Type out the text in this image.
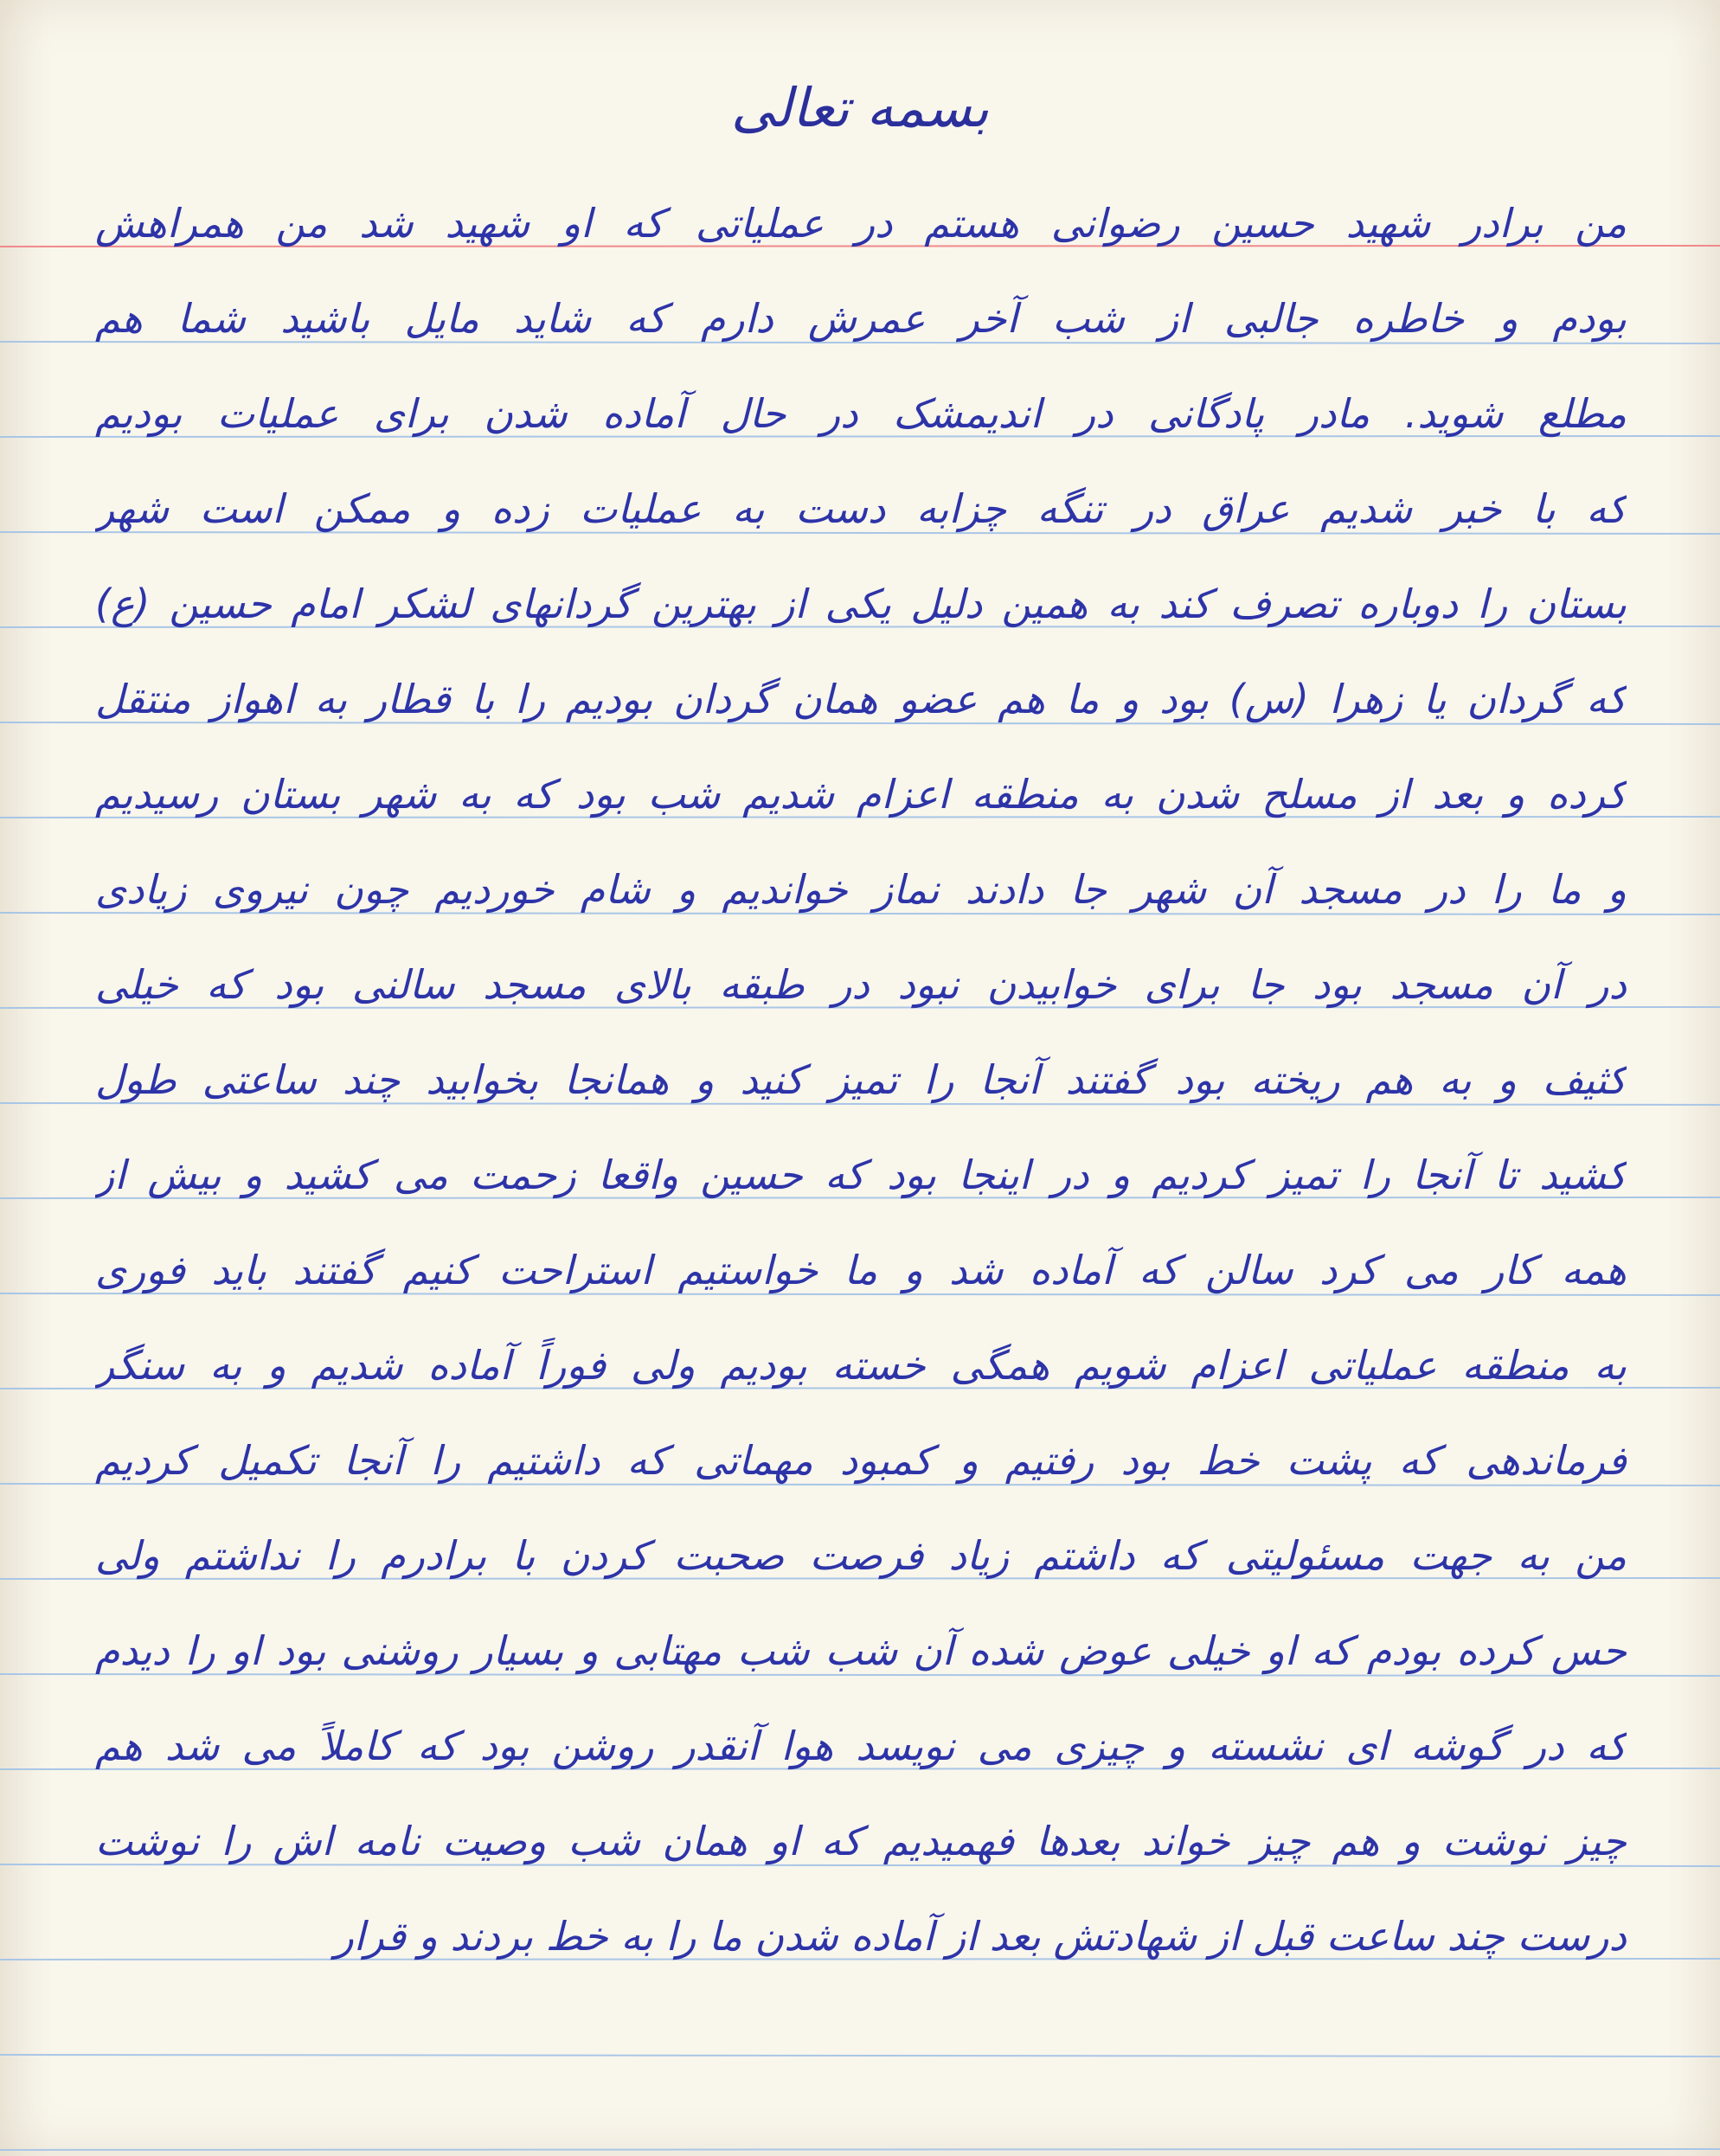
بسمه تعالی
من برادر شهید حسین رضوانی هستم در عملیاتی که او شهید شد من همراهش
بودم و خاطره جالبی از شب آخر عمرش دارم که شاید مایل باشید شما هم
مطلع شوید. مادر پادگانی در اندیمشک در حال آماده شدن برای عملیات بودیم
که با خبر شدیم عراق در تنگه چزابه دست به عملیات زده و ممکن است شهر
بستان را دوباره تصرف کند به همین دلیل یکی از بهترین گردانهای لشکر امام حسین (ع)
که گردان یا زهرا (س) بود و ما هم عضو همان گردان بودیم را با قطار به اهواز منتقل
کرده و بعد از مسلح شدن به منطقه اعزام شدیم شب بود که به شهر بستان رسیدیم
و ما را در مسجد آن شهر جا دادند نماز خواندیم و شام خوردیم چون نیروی زیادی
در آن مسجد بود جا برای خوابیدن نبود در طبقه بالای مسجد سالنی بود که خیلی
کثیف و به هم ریخته بود گفتند آنجا را تمیز کنید و همانجا بخوابید چند ساعتی طول
کشید تا آنجا را تمیز کردیم و در اینجا بود که حسین واقعا زحمت می کشید و بیش از
همه کار می کرد سالن که آماده شد و ما خواستیم استراحت کنیم گفتند باید فوری
به منطقه عملیاتی اعزام شویم همگی خسته بودیم ولی فوراً آماده شدیم و به سنگر
فرماندهی که پشت خط بود رفتیم و کمبود مهماتی که داشتیم را آنجا تکمیل کردیم
من به جهت مسئولیتی که داشتم زیاد فرصت صحبت کردن با برادرم را نداشتم ولی
حس کرده بودم که او خیلی عوض شده آن شب شب مهتابی و بسیار روشنی بود او را دیدم
که در گوشه ای نشسته و چیزی می نویسد هوا آنقدر روشن بود که کاملاً می شد هم
چیز نوشت و هم چیز خواند بعدها فهمیدیم که او همان شب وصیت نامه اش را نوشت
درست چند ساعت قبل از شهادتش بعد از آماده شدن ما را به خط بردند و قرار
